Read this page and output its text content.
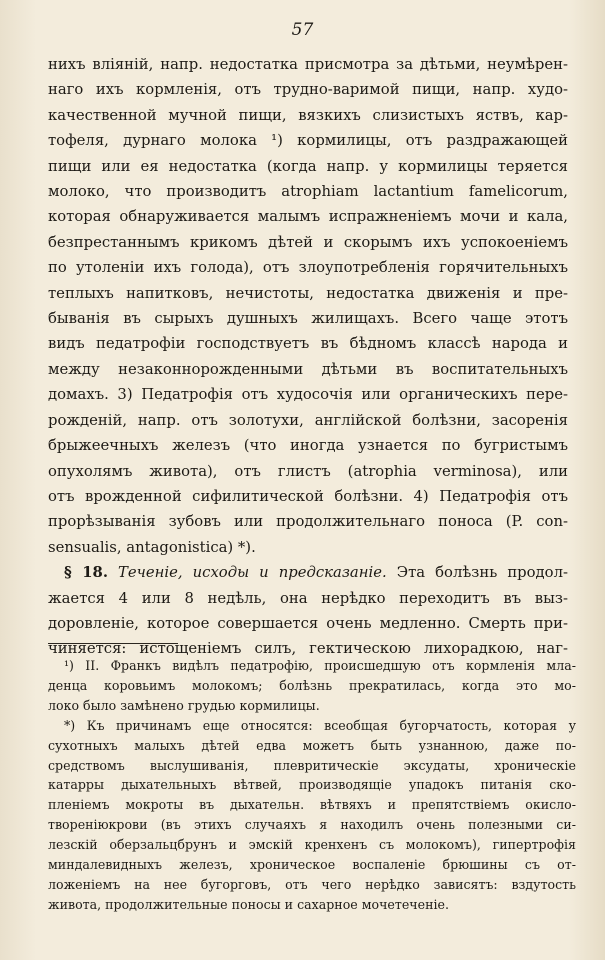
57
нихъ вліяній, напр. недостатка присмотра за дѣтьми, неумѣрен-
наго ихъ кормленія, отъ трудно-варимой пищи, напр. худо-
качественной мучной пищи, вязкихъ слизистыхъ яствъ, кар-
тофеля, дурнаго молока ¹) кормилицы, отъ раздражающей
пищи или ея недостатка (когда напр. у кормилицы теряется
молоко, что производитъ atrophiam lactantium famelicorum,
которая обнаруживается малымъ испражненіемъ мочи и кала,
безпрестаннымъ крикомъ дѣтей и скорымъ ихъ успокоеніемъ
по утоленіи ихъ голода), отъ злоупотребленія горячительныхъ
теплыхъ напитковъ, нечистоты, недостатка движенія и пре-
быванія въ сырыхъ душныхъ жилищахъ. Всего чаще этотъ
видъ педатрофіи господствуетъ въ бѣдномъ классѣ народа и
между незаконнорожденными дѣтьми въ воспитательныхъ
домахъ. 3) Педатрофія отъ худосочія или органическихъ пере-
рожденій, напр. отъ золотухи, англійской болѣзни, засоренія
брыжеечныхъ железъ (что иногда узнается по бугристымъ
опухолямъ живота), отъ глистъ (atrophia verminosa), или
отъ врожденной сифилитической болѣзни. 4) Педатрофія отъ
прорѣзыванія зубовъ или продолжительнаго поноса (P. con-
sensualis, antagonistica) *).
§ 18. Теченіе, исходы и предсказаніе. Эта болѣзнь продол-
жается 4 или 8 недѣль, она нерѣдко переходитъ въ выз-
доровленіе, которое совершается очень медленно. Смерть при-
чиняется: истощеніемъ силъ, гектическою лихорадкою, наг-
¹) II. Франкъ видѣлъ педатрофію, происшедшую отъ кормленія мла-
денца коровьимъ молокомъ; болѣзнь прекратилась, когда это мо-
локо было замѣнено грудью кормилицы.
*) Къ причинамъ еще относятся: всеобщая бугорчатость, которая у
сухотныхъ малыхъ дѣтей едва можетъ быть узнанною, даже по-
средствомъ выслушиванія, плевритическіе эксудаты, хроническіе
катарры дыхательныхъ вѣтвей, производящіе упадокъ питанія ско-
пленіемъ мокроты въ дыхательн. вѣтвяхъ и препятствіемъ окисло-
твореніюкрови (въ этихъ случаяхъ я находилъ очень полезными си-
лезскій оберзальцбрунъ и эмскій кренхенъ съ молокомъ), гипертрофія
миндалевидныхъ железъ, хроническое воспаленіе брюшины съ от-
ложеніемъ на нее бугорговъ, отъ чего нерѣдко зависятъ: вздутость
живота, продолжительные поносы и сахарное мочетеченіе.
